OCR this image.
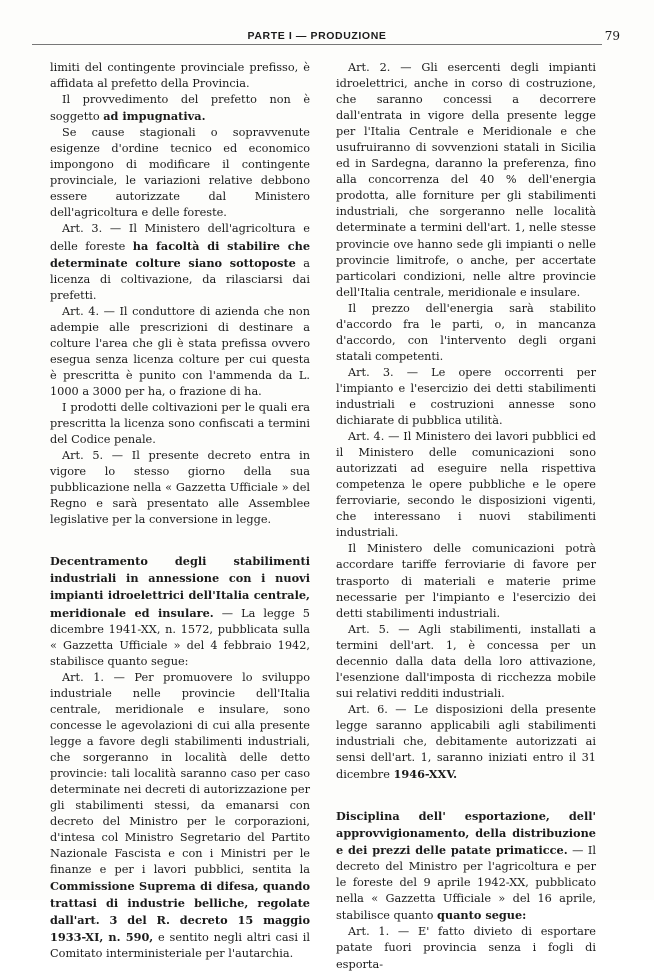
PARTE I — PRODUZIONE	79

limiti del contingente provinciale prefisso, è affidata al prefetto della Provincia.

Il provvedimento del prefetto non è soggetto ad impugnativa.

Se cause stagionali o sopravvenute esigenze d'ordine tecnico ed economico impongono di modificare il contingente provinciale, le variazioni relative debbono essere autorizzate dal Ministero dell'agricoltura e delle foreste.

Art. 3. — Il Ministero dell'agricoltura e delle foreste ha facoltà di stabilire che determinate colture siano sottoposte a licenza di coltivazione, da rilasciarsi dai prefetti.

Art. 4. — Il conduttore di azienda che non adempie alle prescrizioni di destinare a colture l'area che gli è stata prefissa ovvero esegua senza licenza colture per cui questa è prescritta è punito con l'ammenda da L. 1000 a 3000 per ha, o frazione di ha.

I prodotti delle coltivazioni per le quali era prescritta la licenza sono confiscati a termini del Codice penale.

Art. 5. — Il presente decreto entra in vigore lo stesso giorno della sua pubblicazione nella « Gazzetta Ufficiale » del Regno e sarà presentato alle Assemblee legislative per la conversione in legge.

Decentramento degli stabilimenti industriali in annessione con i nuovi impianti idroelettrici dell'Italia centrale, meridionale ed insulare. — La legge 5 dicembre 1941-XX, n. 1572, pubblicata sulla « Gazzetta Ufficiale » del 4 febbraio 1942, stabilisce quanto segue:

Art. 1. — Per promuovere lo sviluppo industriale nelle provincie dell'Italia centrale, meridionale e insulare, sono concesse le agevolazioni di cui alla presente legge a favore degli stabilimenti industriali, che sorgeranno in località delle detto provincie: tali località saranno caso per caso determinate nei decreti di autorizzazione per gli stabilimenti stessi, da emanarsi con decreto del Ministro per le corporazioni, d'intesa col Ministro Segretario del Partito Nazionale Fascista e con i Ministri per le finanze e per i lavori pubblici, sentita la Commissione Suprema di difesa, quando trattasi di industrie belliche, regolate dall'art. 3 del R. decreto 15 maggio 1933-XI, n. 590, e sentito negli altri casi il Comitato interministeriale per l'autarchia.

Art. 2. — Gli esercenti degli impianti idroelettrici, anche in corso di costruzione, che saranno concessi a decorrere dall'entrata in vigore della presente legge per l'Italia Centrale e Meridionale e che usufruiranno di sovvenzioni statali in Sicilia ed in Sardegna, daranno la preferenza, fino alla concorrenza del 40 % dell'energia prodotta, alle forniture per gli stabilimenti industriali, che sorgeranno nelle località determinate a termini dell'art. 1, nelle stesse provincie ove hanno sede gli impianti o nelle provincie limitrofe, o anche, per accertate particolari condizioni, nelle altre provincie dell'Italia centrale, meridionale e insulare.

Il prezzo dell'energia sarà stabilito d'accordo fra le parti, o, in mancanza d'accordo, con l'intervento degli organi statali competenti.

Art. 3. — Le opere occorrenti per l'impianto e l'esercizio dei detti stabilimenti industriali e costruzioni annesse sono dichiarate di pubblica utilità.

Art. 4. — Il Ministero dei lavori pubblici ed il Ministero delle comunicazioni sono autorizzati ad eseguire nella rispettiva competenza le opere pubbliche e le opere ferroviarie, secondo le disposizioni vigenti, che interessano i nuovi stabilimenti industriali.

Il Ministero delle comunicazioni potrà accordare tariffe ferroviarie di favore per trasporto di materiali e materie prime necessarie per l'impianto e l'esercizio dei detti stabilimenti industriali.

Art. 5. — Agli stabilimenti, installati a termini dell'art. 1, è concessa per un decennio dalla data della loro attivazione, l'esenzione dall'imposta di ricchezza mobile sui relativi redditi industriali.

Art. 6. — Le disposizioni della presente legge saranno applicabili agli stabilimenti industriali che, debitamente autorizzati ai sensi dell'art. 1, saranno iniziati entro il 31 dicembre 1946-XXV.

Disciplina dell' esportazione, dell' approvvigionamento, della distribuzione e dei prezzi delle patate primaticce. — Il decreto del Ministro per l'agricoltura e per le foreste del 9 aprile 1942-XX, pubblicato nella « Gazzetta Ufficiale » del 16 aprile, stabilisce quanto quanto segue:

Art. 1. — E' fatto divieto di esportare patate fuori provincia senza i fogli di esporta-
